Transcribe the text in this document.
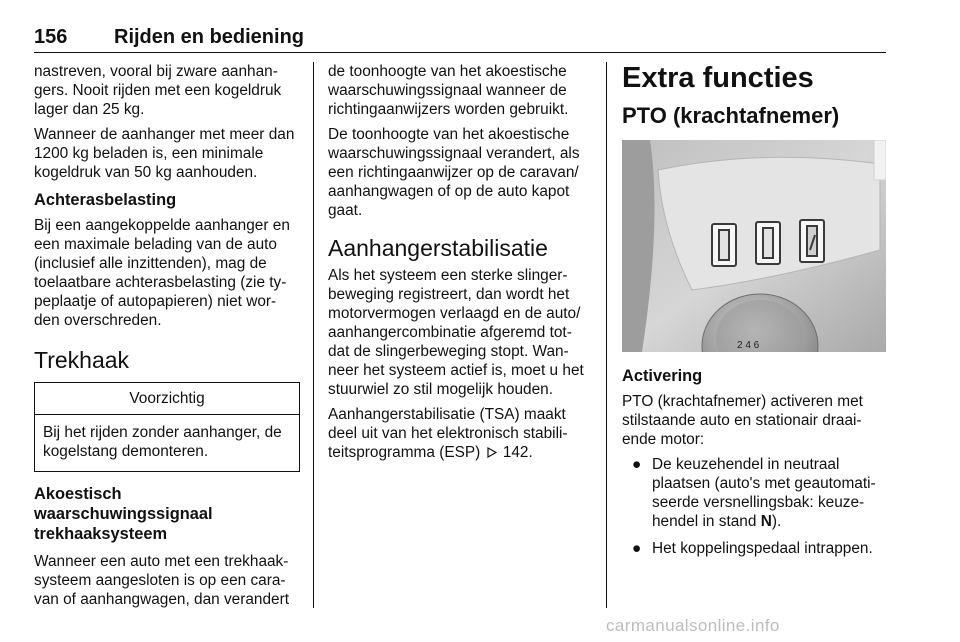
156 Rijden en bediening

nastreven, vooral bij zware aanhan-gers. Nooit rijden met een kogeldruk lager dan 25 kg.

Wanneer de aanhanger met meer dan 1200 kg beladen is, een minimale kogeldruk van 50 kg aanhouden.

Achterasbelasting

Bij een aangekoppelde aanhanger en een maximale belading van de auto (inclusief alle inzittenden), mag de toelaatbare achterasbelasting (zie ty-peplaatje of autopapieren) niet wor-den overschreden.

Trekhaak
Voorzichtig
Bij het rijden zonder aanhanger, de kogelstang demonteren.
Akoestisch
waarschuwingssignaal
trekhaaksysteem

Wanneer een auto met een trekhaak-systeem aangesloten is op een cara-van of aanhangwagen, dan verandert

de toonhoogte van het akoestische waarschuwingssignaal wanneer de richtingaanwijzers worden gebruikt.

De toonhoogte van het akoestische waarschuwingssignaal verandert, als een richtingaanwijzer op de caravan/ aanhangwagen of op de auto kapot gaat.

Aanhangerstabilisatie

Als het systeem een sterke slinger-beweging registreert, dan wordt het motorvermogen verlaagd en de auto/ aanhangercombinatie afgeremd tot-dat de slingerbeweging stopt. Wan-neer het systeem actief is, moet u het stuurwiel zo stil mogelijk houden.

Aanhangerstabilisatie (TSA) maakt deel uit van het elektronisch stabili-teitsprogramma (ESP) 142.

Extra functies
PTO (krachtafnemer)
2 4 6
Activering

PTO (krachtafnemer) activeren met stilstaande auto en stationair draai-ende motor:

● De keuzehendel in neutraal plaatsen (auto's met geautomati-seerde versnellingsbak: keuze-hendel in stand N).
● Het koppelingspedaal intrappen.
carmanualsonline.info
